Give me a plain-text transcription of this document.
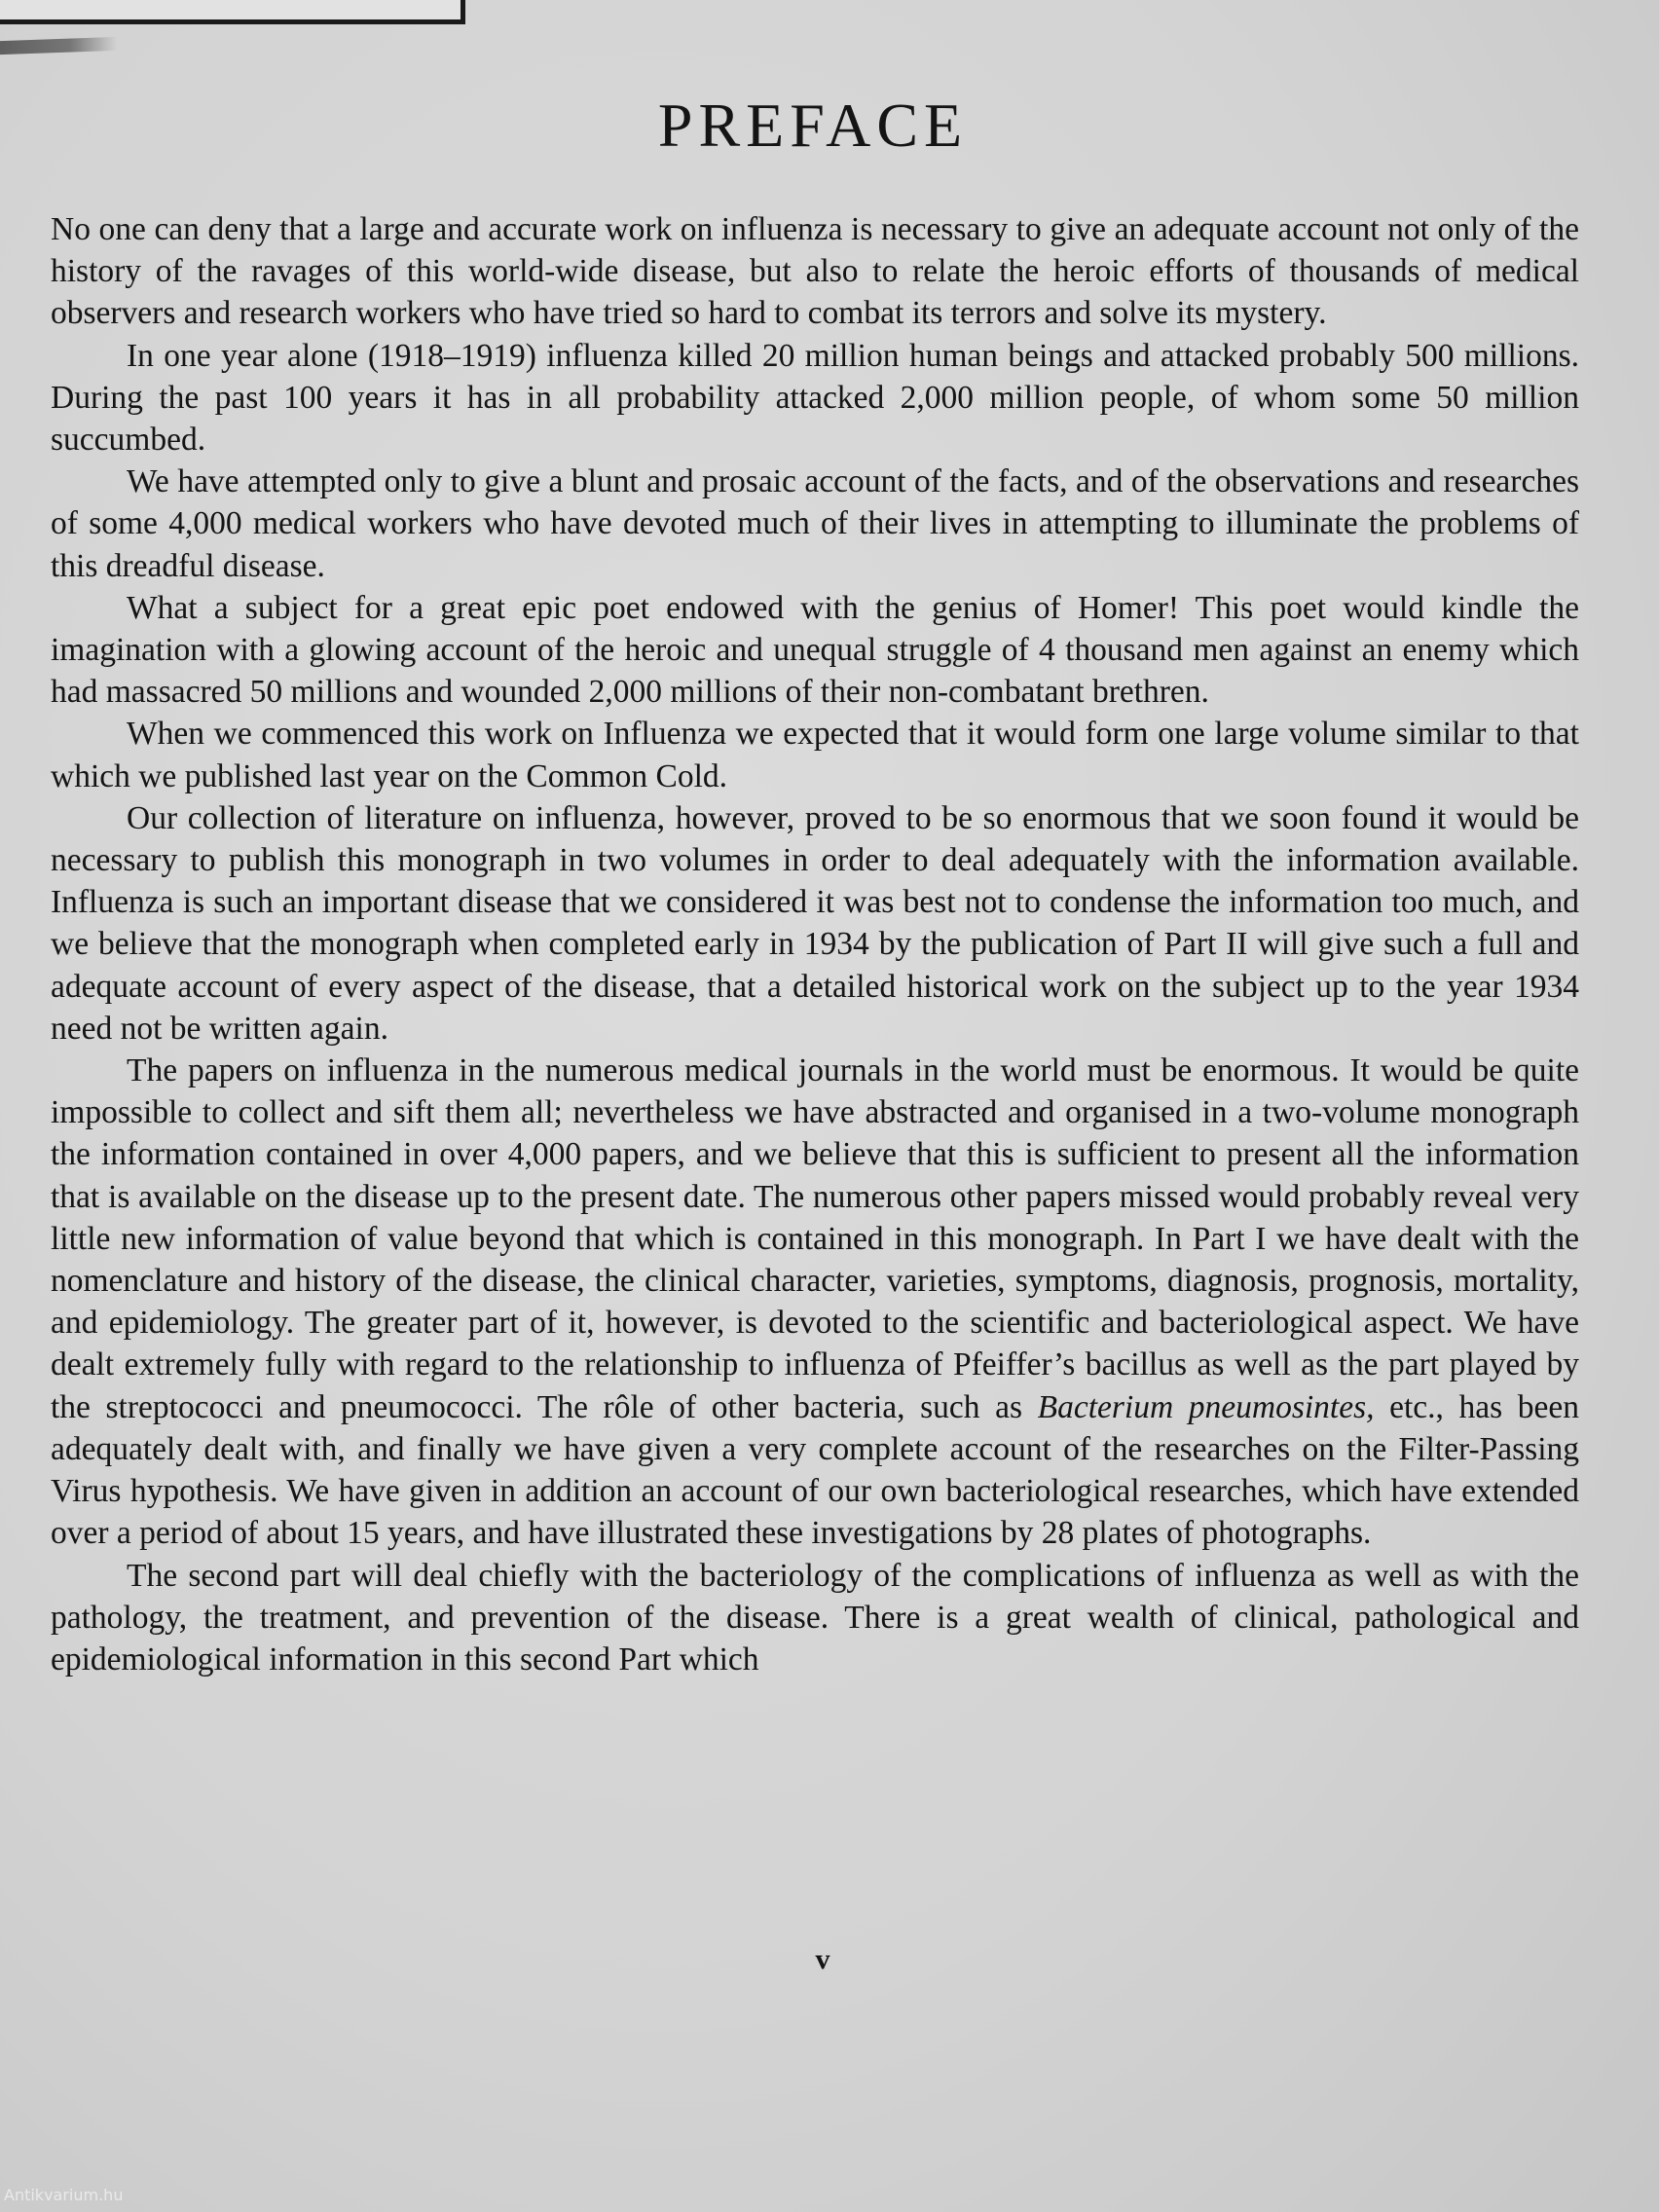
PREFACE

No one can deny that a large and accurate work on influenza is necessary to give an adequate account not only of the history of the ravages of this world-wide disease, but also to relate the heroic efforts of thousands of medical observers and research workers who have tried so hard to combat its terrors and solve its mystery.

In one year alone (1918–1919) influenza killed 20 million human beings and attacked probably 500 millions. During the past 100 years it has in all probability attacked 2,000 million people, of whom some 50 million succumbed.

We have attempted only to give a blunt and prosaic account of the facts, and of the observations and researches of some 4,000 medical workers who have devoted much of their lives in attempting to illuminate the problems of this dreadful disease.

What a subject for a great epic poet endowed with the genius of Homer! This poet would kindle the imagination with a glowing account of the heroic and unequal struggle of 4 thousand men against an enemy which had massacred 50 millions and wounded 2,000 millions of their non-combatant brethren.

When we commenced this work on Influenza we expected that it would form one large volume similar to that which we published last year on the Common Cold.

Our collection of literature on influenza, however, proved to be so enormous that we soon found it would be necessary to publish this monograph in two volumes in order to deal adequately with the information available. Influenza is such an important disease that we considered it was best not to condense the information too much, and we believe that the monograph when completed early in 1934 by the publication of Part II will give such a full and adequate account of every aspect of the disease, that a detailed historical work on the subject up to the year 1934 need not be written again.

The papers on influenza in the numerous medical journals in the world must be enormous. It would be quite impossible to collect and sift them all; nevertheless we have abstracted and organised in a two-volume monograph the information contained in over 4,000 papers, and we believe that this is sufficient to present all the information that is available on the disease up to the present date. The numerous other papers missed would probably reveal very little new information of value beyond that which is contained in this monograph. In Part I we have dealt with the nomenclature and history of the disease, the clinical character, varieties, symptoms, diagnosis, prognosis, mortality, and epidemiology. The greater part of it, however, is devoted to the scientific and bacteriological aspect. We have dealt extremely fully with regard to the relationship to influenza of Pfeiffer’s bacillus as well as the part played by the streptococci and pneumococci. The rôle of other bacteria, such as Bacterium pneumosintes, etc., has been adequately dealt with, and finally we have given a very complete account of the researches on the Filter-Passing Virus hypothesis. We have given in addition an account of our own bacteriological researches, which have extended over a period of about 15 years, and have illustrated these investigations by 28 plates of photographs.

The second part will deal chiefly with the bacteriology of the complications of influenza as well as with the pathology, the treatment, and prevention of the disease. There is a great wealth of clinical, pathological and epidemiological information in this second Part which

v
Antikvarium.hu
